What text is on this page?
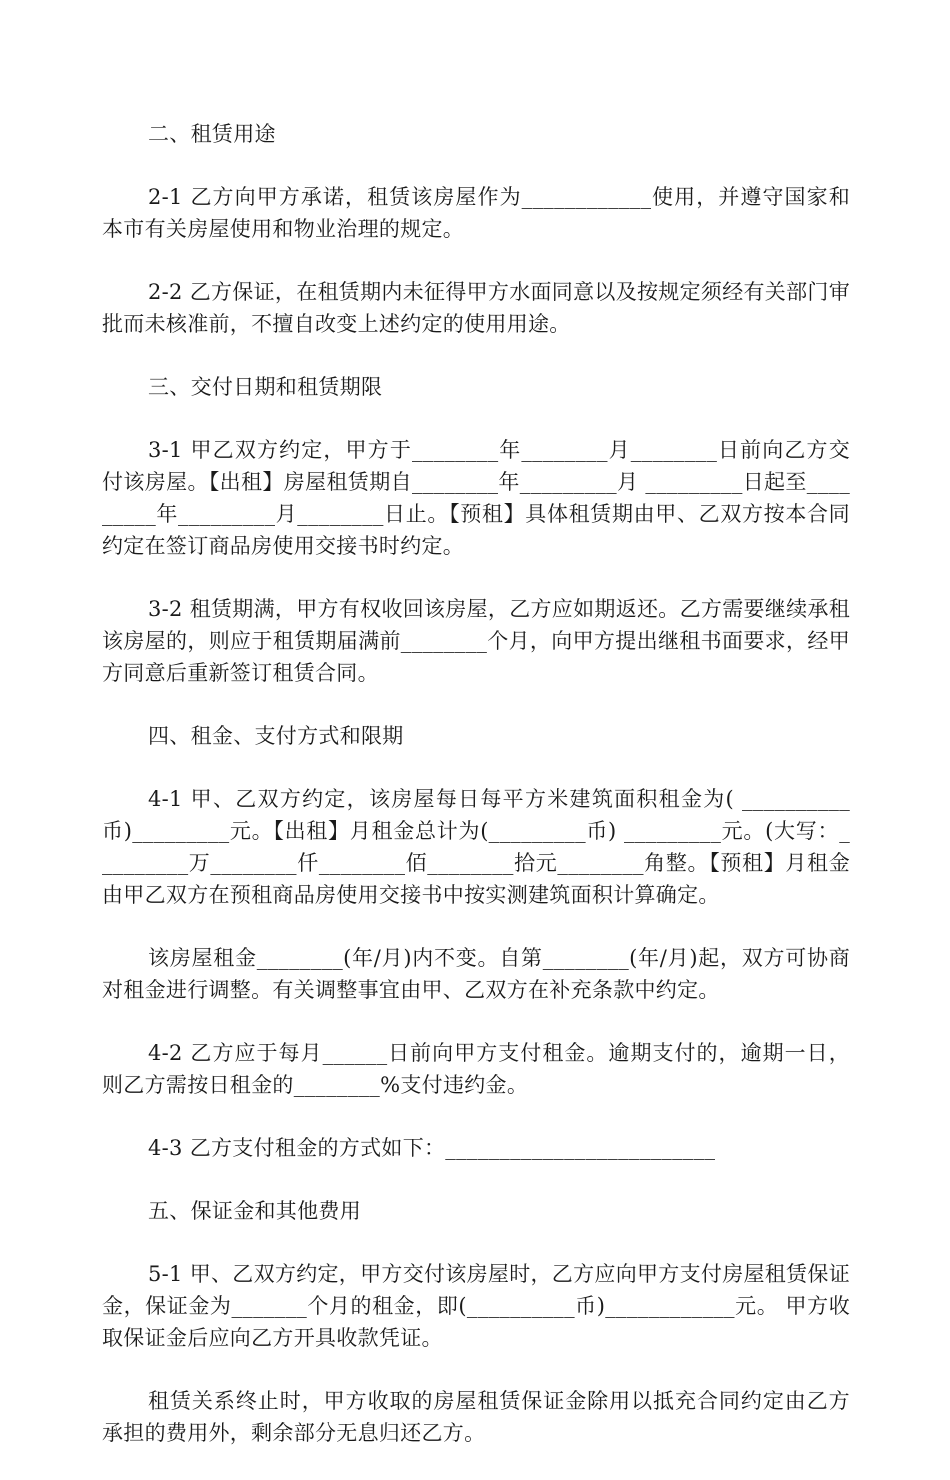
二、租赁用途
2-1 乙方向甲方承诺，租赁该房屋作为____________使用，并遵守国家和本市有关房屋使用和物业治理的规定。
2-2 乙方保证，在租赁期内未征得甲方水面同意以及按规定须经有关部门审批而未核准前，不擅自改变上述约定的使用用途。
三、交付日期和租赁期限
3-1 甲乙双方约定，甲方于________年________月________日前向乙方交付该房屋。【出租】房屋租赁期自________年_________月 _________日起至_________年_________月________日止。【预租】具体租赁期由甲、乙双方按本合同约定在签订商品房使用交接书时约定。
3-2 租赁期满，甲方有权收回该房屋，乙方应如期返还。乙方需要继续承租该房屋的，则应于租赁期届满前________个月，向甲方提出继租书面要求，经甲方同意后重新签订租赁合同。
四、租金、支付方式和限期
4-1 甲、乙双方约定，该房屋每日每平方米建筑面积租金为( __________币)_________元。【出租】月租金总计为(_________币) _________元。(大写：_________万________仟________佰________拾元________角整。【预租】月租金由甲乙双方在预租商品房使用交接书中按实测建筑面积计算确定。
该房屋租金________(年/月)内不变。自第________(年/月)起，双方可协商对租金进行调整。有关调整事宜由甲、乙双方在补充条款中约定。
4-2 乙方应于每月______日前向甲方支付租金。逾期支付的，逾期一日，则乙方需按日租金的________%支付违约金。
4-3 乙方支付租金的方式如下：_________________________
五、保证金和其他费用
5-1 甲、乙双方约定，甲方交付该房屋时，乙方应向甲方支付房屋租赁保证金，保证金为_______个月的租金，即(__________币)____________元。 甲方收取保证金后应向乙方开具收款凭证。
租赁关系终止时，甲方收取的房屋租赁保证金除用以抵充合同约定由乙方承担的费用外，剩余部分无息归还乙方。
